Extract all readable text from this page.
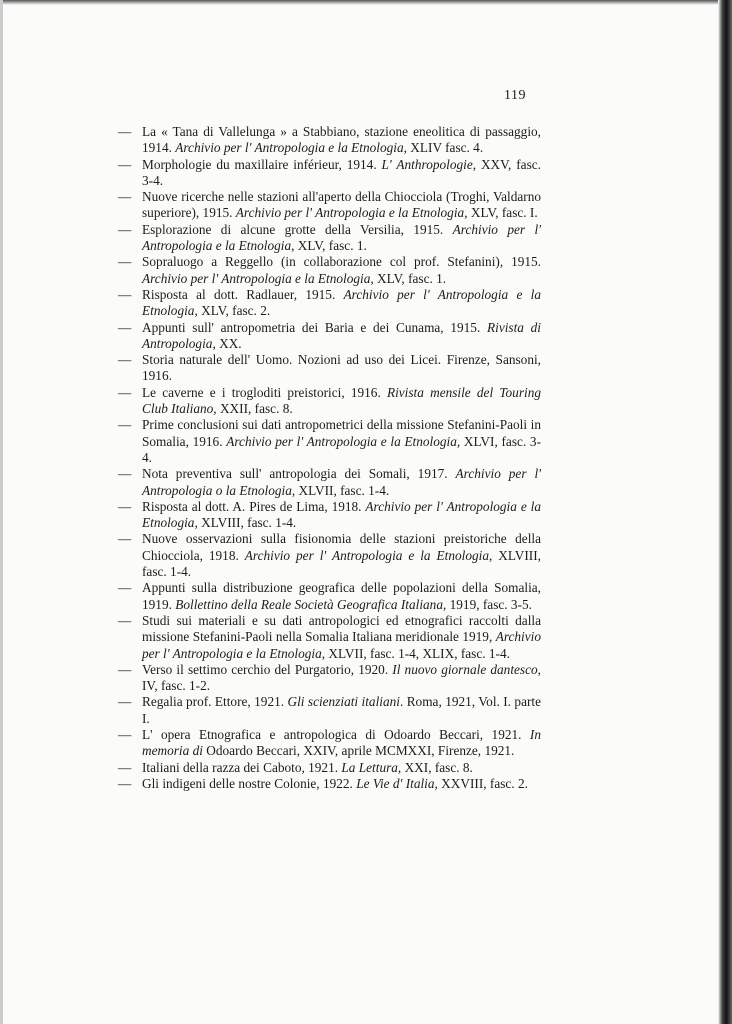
119

— La « Tana di Vallelunga » a Stabbiano, stazione eneolitica di passaggio, 1914. Archivio per l' Antropologia e la Etnologia, XLIV fasc. 4.

— Morphologie du maxillaire inférieur, 1914. L' Anthropologie, XXV, fasc. 3-4.

— Nuove ricerche nelle stazioni all'aperto della Chiocciola (Troghi, Valdarno superiore), 1915. Archivio per l' Antropologia e la Etnologia, XLV, fasc. I.

— Esplorazione di alcune grotte della Versilia, 1915. Archivio per l' Antropologia e la Etnologia, XLV, fasc. 1.

— Sopraluogo a Reggello (in collaborazione col prof. Stefanini), 1915. Archivio per l' Antropologia e la Etnologia, XLV, fasc. 1.

— Risposta al dott. Radlauer, 1915. Archivio per l' Antropologia e la Etnologia, XLV, fasc. 2.

— Appunti sull' antropometria dei Baria e dei Cunama, 1915. Rivista di Antropologia, XX.

— Storia naturale dell' Uomo. Nozioni ad uso dei Licei. Firenze, Sansoni, 1916.

— Le caverne e i trogloditi preistorici, 1916. Rivista mensile del Touring Club Italiano, XXII, fasc. 8.

— Prime conclusioni sui dati antropometrici della missione Stefanini-Paoli in Somalia, 1916. Archivio per l' Antropologia e la Etnologia, XLVI, fasc. 3-4.

— Nota preventiva sull' antropologia dei Somali, 1917. Archivio per l' Antropologia o la Etnologia, XLVII, fasc. 1-4.

— Risposta al dott. A. Pires de Lima, 1918. Archivio per l' Antropologia e la Etnologia, XLVIII, fasc. 1-4.

— Nuove osservazioni sulla fisionomia delle stazioni preistoriche della Chiocciola, 1918. Archivio per l' Antropologia e la Etnologia, XLVIII, fasc. 1-4.

— Appunti sulla distribuzione geografica delle popolazioni della Somalia, 1919. Bollettino della Reale Società Geografica Italiana, 1919, fasc. 3-5.

— Studi sui materiali e su dati antropologici ed etnografici raccolti dalla missione Stefanini-Paoli nella Somalia Italiana meridionale 1919, Archivio per l' Antropologia e la Etnologia, XLVII, fasc. 1-4, XLIX, fasc. 1-4.

— Verso il settimo cerchio del Purgatorio, 1920. Il nuovo giornale dantesco, IV, fasc. 1-2.

— Regalia prof. Ettore, 1921. Gli scienziati italiani. Roma, 1921, Vol. I. parte I.

— L' opera Etnografica e antropologica di Odoardo Beccari, 1921. In memoria di Odoardo Beccari, XXIV, aprile MCMXXI, Firenze, 1921.

— Italiani della razza dei Caboto, 1921. La Lettura, XXI, fasc. 8.

— Gli indigeni delle nostre Colonie, 1922. Le Vie d' Italia, XXVIII, fasc. 2.
